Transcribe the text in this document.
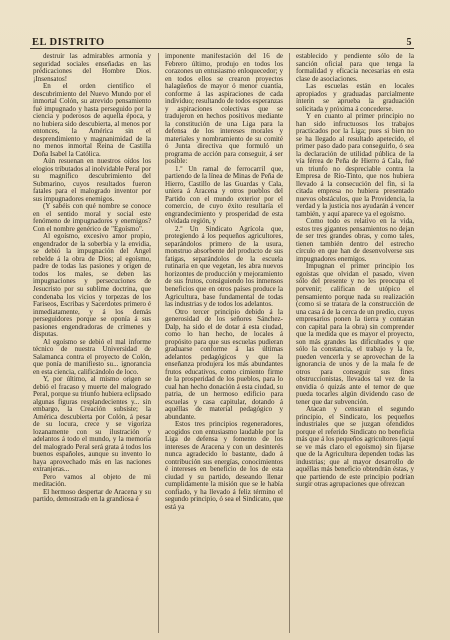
EL DISTRITO	5

destruir las admirables armonía y seguridad sociales enseñadas en las prédicaciones del Hombre Dios. ¡Insensatos!

En el orden científico el descubrimiento del Nuevo Mundo por el inmortal Colón, su atrevido pensamiento fué impugnado y hasta perseguido por la ciencia y poderosos de aquella época, y no hubiera sido descubierta, al menos por entonces, la América sin el desprendimiento y magnanimidad de la no menos inmortal Reina de Castilla Doña Isabel la Católica.

Aún resuenan en nuestros oídos los elogios tributados al inolvidable Peral por su magnífico descubrimiento del Submarino, cuyos resultados fueron fatales para el malogrado inventor por sus impugnadores enemigos.

(Y sabéis con qué nombre se conoce en el sentido moral y social este fenómeno de impugnadores y enemigos? Con el nombre genérico de "Egoísmo".

Al egoísmo, excesivo amor propio, engendrador de la soberbia y la envidia, se debió la impugnación del Angel rebelde á la obra de Dios; al egoísmo, padre de todas las pasiones y origen de todos los males, se deben las impugnaciones y persecuciones de Jesucristo por su sublime doctrina, que condenaba los vicios y torpezas de los Fariseos, Escribas y Sacerdotes primero é inmediatamente, y á los demás perseguidores porque se oponía á sus pasiones engendradoras de crímenes y disputas.

Al egoísmo se debió el mal informe técnico de nuestra Universidad de Salamanca contra el proyecto de Colón, que ponía de manifiesto su... ignorancia en esta ciencia, calificándolo de loco.

Y, por último, al mismo origen se debió el fracaso y muerte del malogrado Peral, porque su triunfo hubiera eclipsado algunas figuras resplandecientes y... sin embargo, la Creación subsiste; la América descubierta por Colón, á pesar de su locura, crece y se vigoriza lozanamente con su ilustración y adelantos á todo el mundo, y la memoria del malogrado Peral será grata á todos los buenos españoles, aunque su invento lo haya aprovechado más en las naciones extranjeras...

Pero vamos al objeto de mi meditación.

El hermoso despertar de Aracena y su partido, demostrado en la grandiosa é

imponente manifestación del 16 de Febrero último, produjo en todos los corazones un entusiasmo enloquecedor; y en todos ellos se crearon proyectos halagüeños de mayor ó menor cuantía, conforme á las aspiraciones de cada individuo; resultando de todos esperanzas y aspiraciones colectivas que se tradujeron en hechos positivos mediante la constitución de una Liga para la defensa de los intereses morales y materiales y nombramiento de su comité ó Junta directiva que formuló un programa de acción para conseguir, á ser posible:

1.º Un ramal de ferrocarril que, partiendo de la línea de Minas de Peña de Hierro, Castillo de las Guardas y Cala, uniera á Aracena y otros pueblos del Partido con el mundo exterior por el comercio, de cuyo éxito resultaría el engrandecimiento y prosperidad de esta olvidada región, y

2.º Un Sindicato Agrícola que, protegiendo á los pequeños agricultores, separándolos primero de la usura, monstruo absorbente del producto de sus fatigas, separándolos de la escuela rutinaria en que vegetan, les abra nuevos horizontes de producción y mejoramiento de sus frutos, consiguiendo los inmensos beneficios que en otros países produce la Agricultura, base fundamental de todas las industrias y de todos los adelantos.

Otro tercer principio debido á la generosidad de los señores Sánchez-Dalp, ha sido el de dotar á esta ciudad, como lo han hecho, de locales á propósito para que sus escuelas pudieran graduarse conforme á las últimas adelantos pedagógicos y que la enseñanza produjera los más abundantes frutos educativos, como cimiento firme de la prosperidad de los pueblos, para lo cual han hecho donación á esta ciudad, su patria, de un hermoso edificio para escuelas y casa capitular, dotando á aquéllas de material pedagógico y abundante.

Estos tres principios regeneradores, acogidos con entusiasmo laudable por la Liga de defensa y fomento de los intereses de Aracena y con un desinterés nunca agradecido lo bastante, dado á contribución sus energías, conocimientos é intereses en beneficio de los de esta ciudad y su partido, deseando llenar cumplidamente la misión que se le había confiado, y ha llevado á feliz término el segundo principio, ó sea el Sindicato, que está ya

establecido y pendiente sólo de la sanción oficial para que tenga la formalidad y eficacia necesarias en esta clase de asociaciones.

Las escuelas están en locales apropiados y graduadas parcialmente ínterin se aprueba la graduación solicitada y próxima á concederse.

Y en cuanto al primer principio no han sido infructuosos los trabajos practicados por la Liga; pues si bien no se ha llegado al resultado apetecido, el primer paso dado para conseguirlo, ó sea la declaración de utilidad pública de la vía férrea de Peña de Hierro á Cala, fué un triunfo no despreciable contra la Empresa de Río-Tinto, que nos hubiera llevado á la consecución del fin, si la citada empresa no hubiera presentado nuevos obstáculos, que la Providencia, la verdad y la justicia nos ayudarán á vencer también, y aquí aparece ya el egoísmo.

Como todo es relativo en la vida, estos tres gigantes pensamientos no dejan de ser tres grandes obras, y como tales, tienen también dentro del estrecho círculo en que han de desenvolverse sus impugnadores enemigos.

Impugnan el primer principio los egoístas que olvidan el pasado, viven sólo del presente y no les preocupa el porvenir; califican de utópico el pensamiento porque nada su realización (como si se tratara de la construcción de una casa á de la cerca de un predio, cuyos empresarios ponen la tierra y contaran con capital para la obra) sin comprender que la medida que es mayor el proyecto, son más grandes las dificultades y que sólo la constancia, el trabajo y la fe, pueden vencerla y se aprovechan de la ignorancia de unos y de la mala fe de otros para conseguir sus fines obstruccionistas, llevados tal vez de la envidia ó quizás ante el temor de que pueda tocarles algún dividendo caso de tener que dar subvención.

Atacan y censuran el segundo principio, el Sindicato, los pequeños industriales que se juzgan ofendidos porque el referido Sindicato no beneficia más que á los pequeños agricultores (aquí se ve más claro el egoísmo) sin fijarse que de la Agricultura dependen todas las industrias; que al mayor desarrollo de aquéllas más beneficio obtendrán éstas, y que partiendo de este principio podrían surgir otras agrupaciones que ofrezcan
